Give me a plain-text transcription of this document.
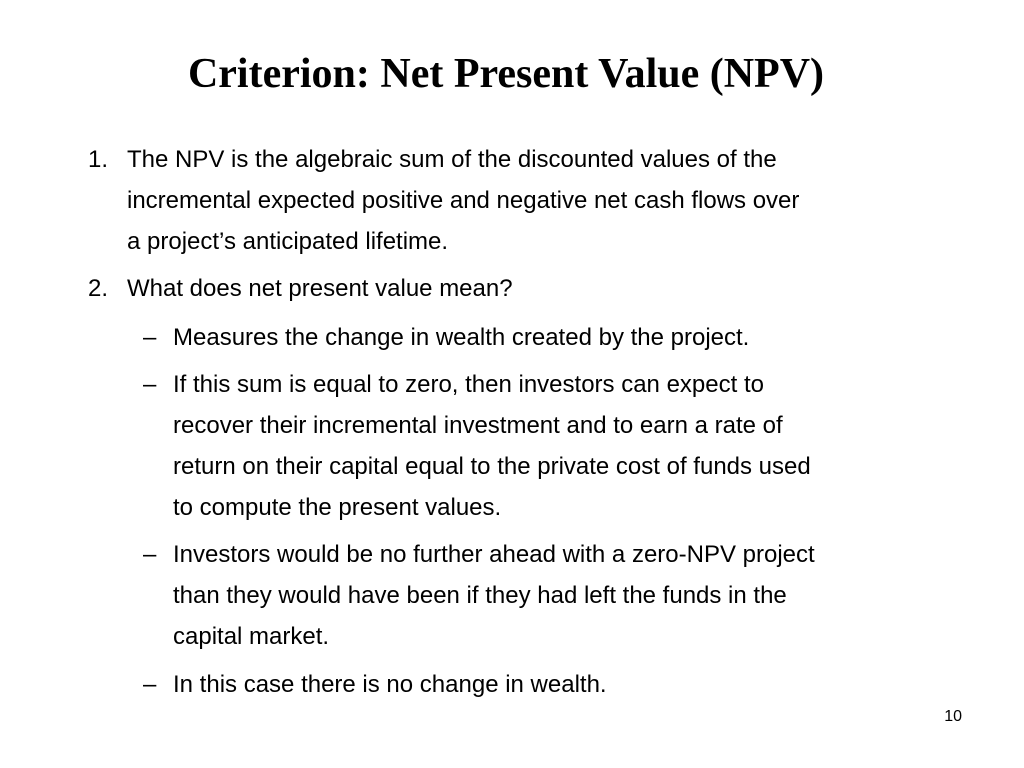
Criterion: Net Present Value (NPV)
1. The NPV is the algebraic sum of the discounted values of the
incremental expected positive and negative net cash flows over
a project’s anticipated lifetime.
2. What does net present value mean?
– Measures the change in wealth created by the project.
– If this sum is equal to zero, then investors can expect to
recover their incremental investment and to earn a rate of
return on their capital equal to the private cost of funds used
to compute the present values.
– Investors would be no further ahead with a zero-NPV project
than they would have been if they had left the funds in the
capital market.
– In this case there is no change in wealth.
10
